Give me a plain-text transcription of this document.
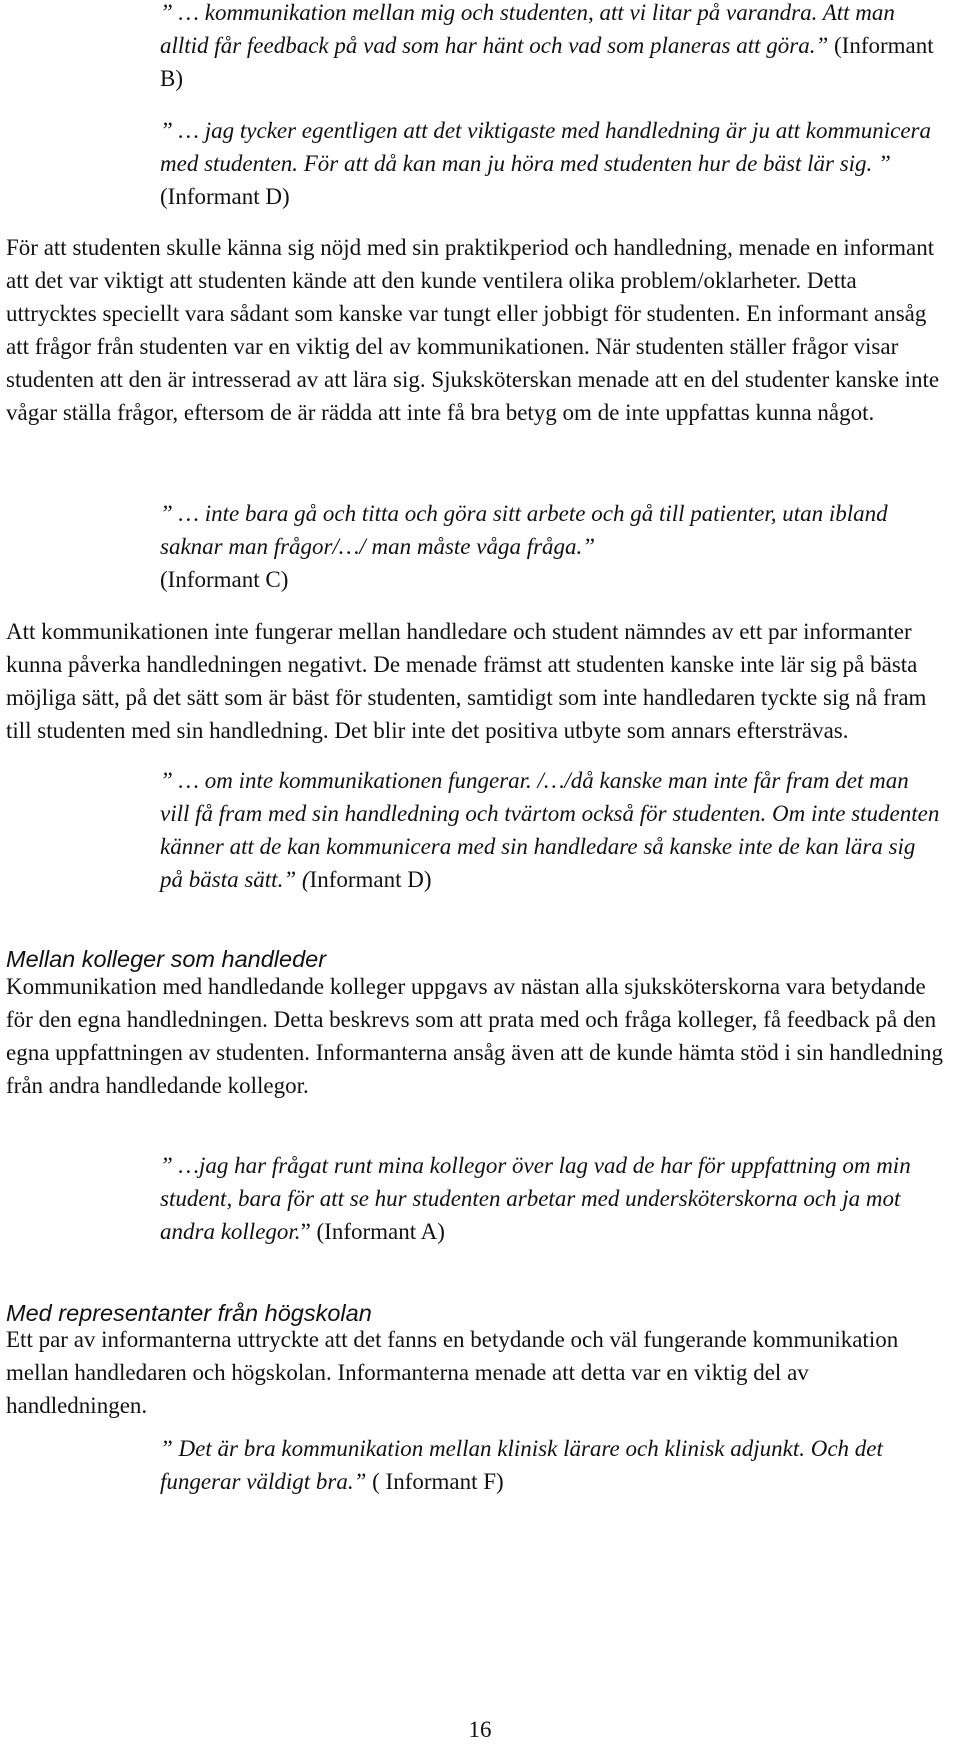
” … kommunikation mellan mig och studenten, att vi litar på varandra. Att man alltid får feedback på vad som har hänt och vad som planeras att göra.” (Informant B)

” … jag tycker egentligen att det viktigaste med handledning är ju att kommunicera med studenten. För att då kan man ju höra med studenten hur de bäst lär sig. ” (Informant D)

För att studenten skulle känna sig nöjd med sin praktikperiod och handledning, menade en informant att det var viktigt att studenten kände att den kunde ventilera olika problem/oklarheter. Detta uttrycktes speciellt vara sådant som kanske var tungt eller jobbigt för studenten. En informant ansåg att frågor från studenten var en viktig del av kommunikationen. När studenten ställer frågor visar studenten att den är intresserad av att lära sig. Sjuksköterskan menade att en del studenter kanske inte vågar ställa frågor, eftersom de är rädda att inte få bra betyg om de inte uppfattas kunna något.

” … inte bara gå och titta och göra sitt arbete och gå till patienter, utan ibland saknar man frågor/…/ man måste våga fråga.”
(Informant C)

Att kommunikationen inte fungerar mellan handledare och student nämndes av ett par informanter kunna påverka handledningen negativt. De menade främst att studenten kanske inte lär sig på bästa möjliga sätt, på det sätt som är bäst för studenten, samtidigt som inte handledaren tyckte sig nå fram till studenten med sin handledning. Det blir inte det positiva utbyte som annars eftersträvas.

” … om inte kommunikationen fungerar. /…/då kanske man inte får fram det man vill få fram med sin handledning och tvärtom också för studenten. Om inte studenten känner att de kan kommunicera med sin handledare så kanske inte de kan lära sig på bästa sätt.” (Informant D)

Mellan kolleger som handleder

Kommunikation med handledande kolleger uppgavs av nästan alla sjuksköterskorna vara betydande för den egna handledningen. Detta beskrevs som att prata med och fråga kolleger, få feedback på den egna uppfattningen av studenten. Informanterna ansåg även att de kunde hämta stöd i sin handledning från andra handledande kollegor.

” …jag har frågat runt mina kollegor över lag vad de har för uppfattning om min student, bara för att se hur studenten arbetar med undersköterskorna och ja mot andra kollegor.” (Informant A)

Med representanter från högskolan

Ett par av informanterna uttryckte att det fanns en betydande och väl fungerande kommunikation mellan handledaren och högskolan. Informanterna menade att detta var en viktig del av handledningen.

” Det är bra kommunikation mellan klinisk lärare och klinisk adjunkt. Och det fungerar väldigt bra.” ( Informant F)

16
